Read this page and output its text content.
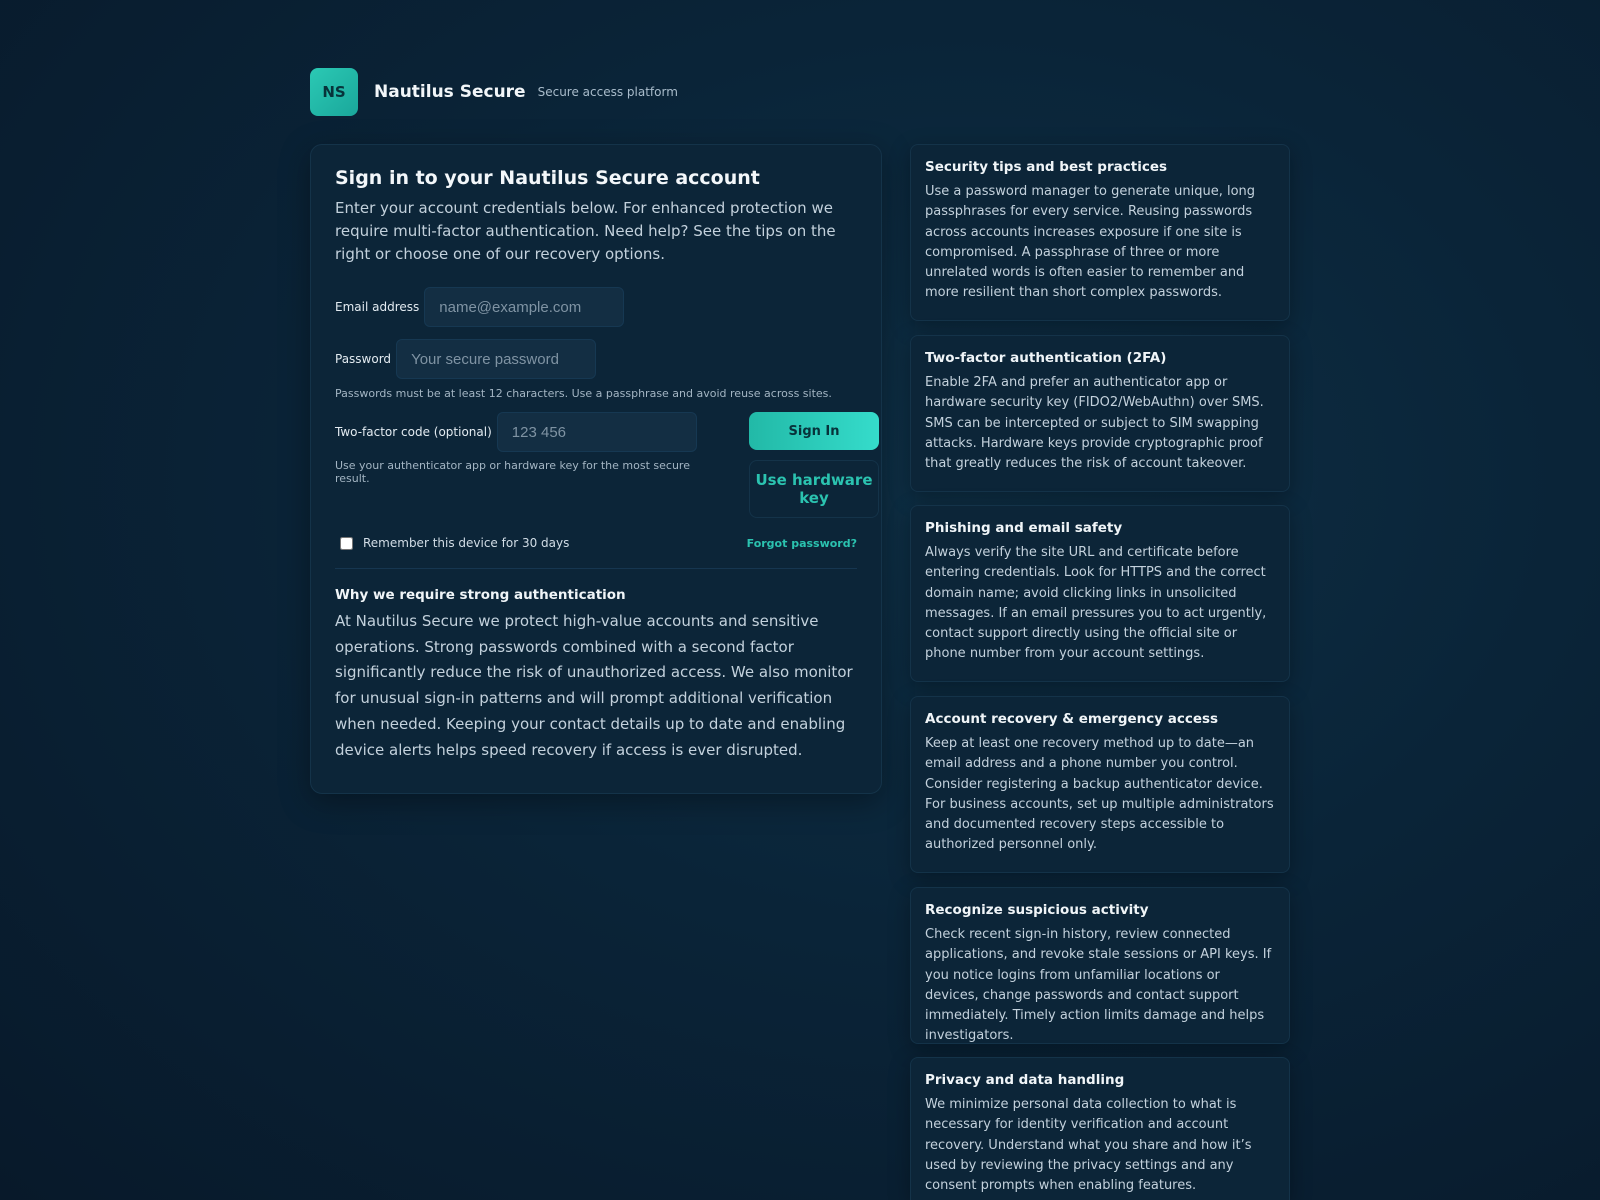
NS	Nautilus Secure Secure access platform
Sign in to your Nautilus Secure account

Enter your account credentials below. For enhanced protection we require multi-factor authentication. Need help? See the tips on the right or choose one of our recovery options.

Email address
name@example.com
Password
Passwords must be at least 12 characters. Use a passphrase and avoid reuse across sites.
Two-factor code (optional)
123 456
Use your authenticator app or hardware key for the most secure result.
Sign In
Use hardware key
Remember this device for 30 days	Forgot password?
Why we require strong authentication

At Nautilus Secure we protect high-value accounts and sensitive operations. Strong passwords combined with a second factor significantly reduce the risk of unauthorized access. We also monitor for unusual sign-in patterns and will prompt additional verification when needed. Keeping your contact details up to date and enabling device alerts helps speed recovery if access is ever disrupted.

Security tips and best practices

Use a password manager to generate unique, long passphrases for every service. Reusing passwords across accounts increases exposure if one site is compromised. A passphrase of three or more unrelated words is often easier to remember and more resilient than short complex passwords.

Two-factor authentication (2FA)

Enable 2FA and prefer an authenticator app or hardware security key (FIDO2/WebAuthn) over SMS. SMS can be intercepted or subject to SIM swapping attacks. Hardware keys provide cryptographic proof that greatly reduces the risk of account takeover.

Phishing and email safety

Always verify the site URL and certificate before entering credentials. Look for HTTPS and the correct domain name; avoid clicking links in unsolicited messages. If an email pressures you to act urgently, contact support directly using the official site or phone number from your account settings.

Account recovery & emergency access

Keep at least one recovery method up to date—an email address and a phone number you control. Consider registering a backup authenticator device. For business accounts, set up multiple administrators and documented recovery steps accessible to authorized personnel only.

Recognize suspicious activity

Check recent sign-in history, review connected applications, and revoke stale sessions or API keys. If you notice logins from unfamiliar locations or devices, change passwords and contact support immediately. Timely action limits damage and helps investigators.

Privacy and data handling

We minimize personal data collection to what is necessary for identity verification and account recovery. Understand what you share and how it’s used by reviewing the privacy settings and any consent prompts when enabling features.
